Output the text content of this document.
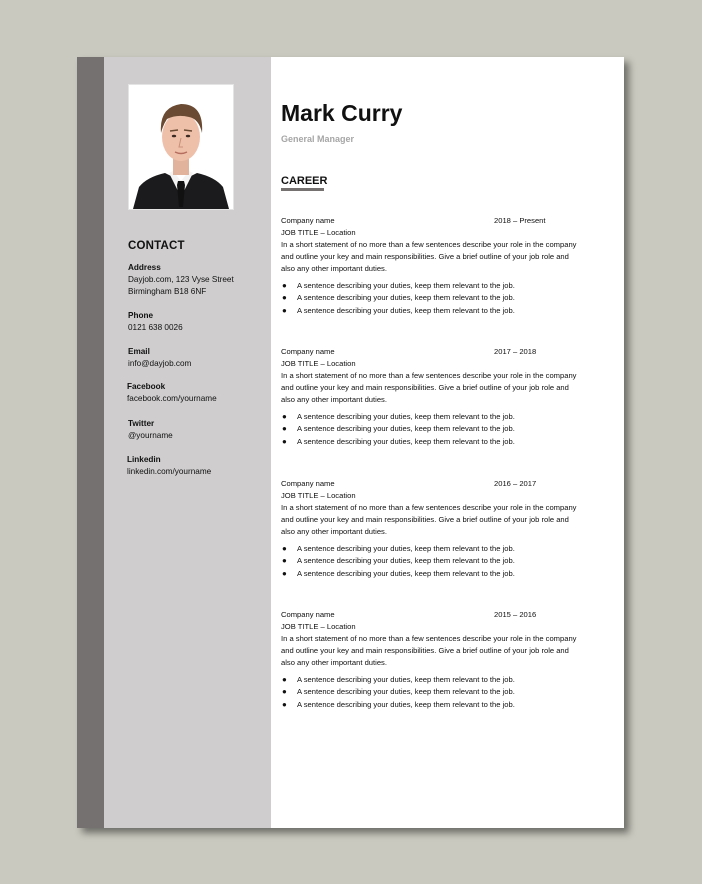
CONTACT
Address
Dayjob.com, 123 Vyse Street
Birmingham B18 6NF
Phone
0121 638 0026
Email
info@dayjob.com
Facebook
facebook.com/yourname
Twitter
@yourname
Linkedin
linkedin.com/yourname
Mark Curry
General Manager
CAREER
Company name	2018 – Present
JOB TITLE – Location
In a short statement of no more than a few sentences describe your role in the company and outline your key and main responsibilities. Give a brief outline of your job role and also any other important duties.
● A sentence describing your duties, keep them relevant to the job.
● A sentence describing your duties, keep them relevant to the job.
● A sentence describing your duties, keep them relevant to the job.
Company name	2017 – 2018
JOB TITLE – Location
In a short statement of no more than a few sentences describe your role in the company and outline your key and main responsibilities. Give a brief outline of your job role and also any other important duties.
● A sentence describing your duties, keep them relevant to the job.
● A sentence describing your duties, keep them relevant to the job.
● A sentence describing your duties, keep them relevant to the job.
Company name	2016 – 2017
JOB TITLE – Location
In a short statement of no more than a few sentences describe your role in the company and outline your key and main responsibilities. Give a brief outline of your job role and also any other important duties.
● A sentence describing your duties, keep them relevant to the job.
● A sentence describing your duties, keep them relevant to the job.
● A sentence describing your duties, keep them relevant to the job.
Company name	2015 – 2016
JOB TITLE – Location
In a short statement of no more than a few sentences describe your role in the company and outline your key and main responsibilities. Give a brief outline of your job role and also any other important duties.
● A sentence describing your duties, keep them relevant to the job.
● A sentence describing your duties, keep them relevant to the job.
● A sentence describing your duties, keep them relevant to the job.
